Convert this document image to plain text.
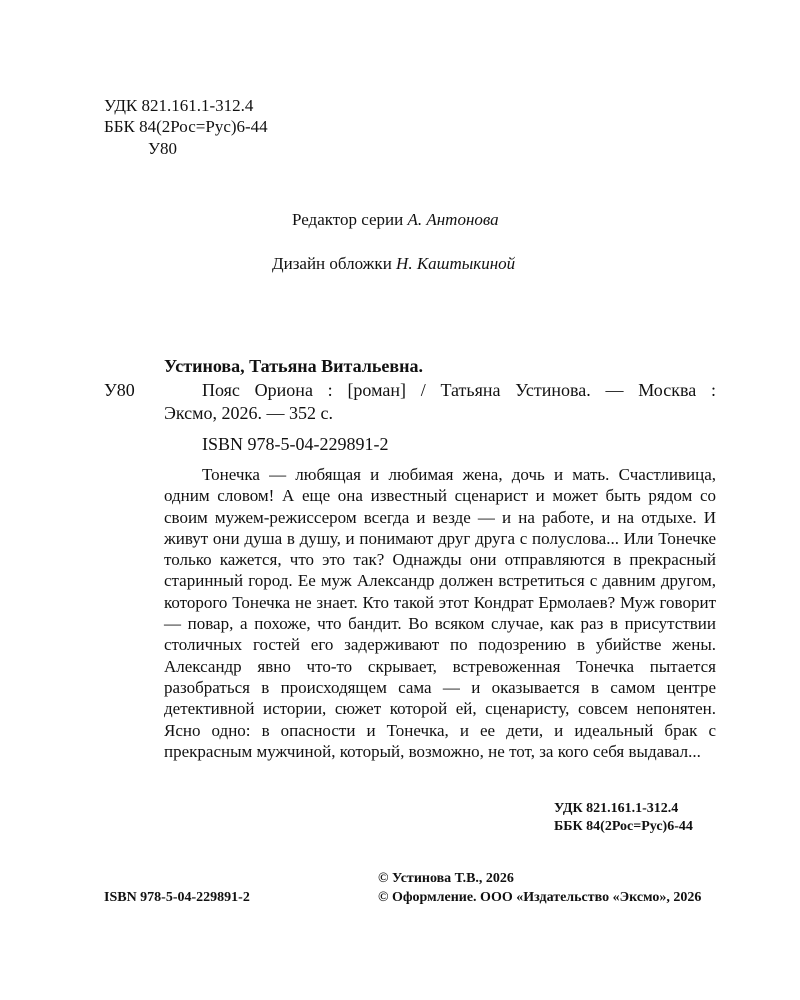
УДК 821.161.1-312.4
ББК 84(2Рос=Рус)6-44
У80
Редактор серии А. Антонова
Дизайн обложки Н. Каштыкиной
Устинова, Татьяна Витальевна.
У80	Пояс Ориона : [роман] / Татьяна Устинова. — Москва :
Эксмо, 2026. — 352 с.
ISBN 978-5-04-229891-2

Тонечка — любящая и любимая жена, дочь и мать. Счастливица, одним словом! А еще она известный сценарист и может быть рядом со своим мужем-режиссером всегда и везде — и на работе, и на отдыхе. И живут они душа в душу, и понимают друг друга с полуслова... Или Тонечке только кажется, что это так? Однажды они отправляются в прекрасный старинный город. Ее муж Александр должен встретиться с давним другом, которого Тонечка не знает. Кто такой этот Кондрат Ермолаев? Муж говорит — повар, а похоже, что бандит. Во всяком случае, как раз в присутствии столичных гостей его задерживают по подозрению в убийстве жены. Александр явно что-то скрывает, встревоженная Тонечка пытается разобраться в происходящем сама — и оказывается в самом центре детективной истории, сюжет которой ей, сценаристу, совсем непонятен. Ясно одно: в опасности и Тонечка, и ее дети, и идеальный брак с прекрасным мужчиной, который, возможно, не тот, за кого себя выдавал...

УДК 821.161.1-312.4
ББК 84(2Рос=Рус)6-44
ISBN 978-5-04-229891-2
© Устинова Т.В., 2026
© Оформление. ООО «Издательство «Эксмо», 2026
